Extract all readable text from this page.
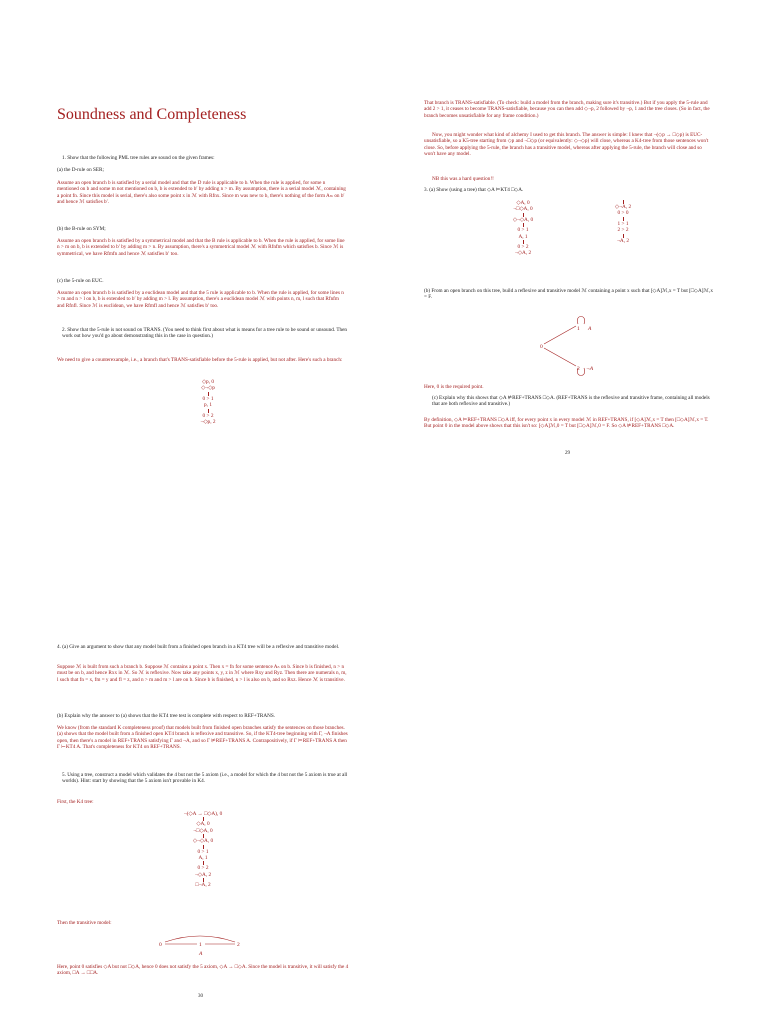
Soundness and Completeness
1. Show that the following PML tree rules are sound on the given frames:
(a) the D-rule on SER;
Assume an open branch b is satisfied by a serial model and that the D rule is applicable to b. When the rule is applied, for some n mentioned on b and some m not mentioned on b, b is extended to b′ by adding n > m. By assumption, there is a serial model ℳ, containing a point fn. Since this model is serial, there's also some point x in ℳ with Rfnx. Since m was new to b, there's nothing of the form Aₘ on b′ and hence ℳ satisfies b′.
(b) the B-rule on SYM;
Assume an open branch b is satisfied by a symmetrical model and that the B rule is applicable to b. When the rule is applied, for some line n > m on b, b is extended to b′ by adding m > n. By assumption, there's a symmetrical model ℳ with Rfnfm which satisfies b. Since ℳ is symmetrical, we have Rfmfn and hence ℳ satisfies b′ too.
(c) the 5-rule on EUC.
Assume an open branch b is satisfied by a euclidean model and that the 5 rule is applicable to b. When the rule is applied, for some lines n > m and n > l on b, b is extended to b′ by adding m > l. By assumption, there's a euclidean model ℳ with points n, m, l such that Rfnfm and Rfnfl. Since ℳ is euclidean, we have Rfmfl and hence ℳ satisfies b′ too.
2. Show that the 5-rule is not sound on TRANS. (You need to think first about what is means for a tree rule to be sound or unsound. Then work out how you'd go about demonstrating this in the case in question.)
We need to give a counterexample, i.e., a branch that's TRANS-satisfiable before the 5-rule is applied, but not after. Here's such a branch:
◇p, 0
◇¬◇p
0 > 1
p, 1
0 > 2
¬◇p, 2
That branch is TRANS-satisfiable. (To check: build a model from the branch, making sure it's transitive.) But if you apply the 5-rule and add 2 > 1, it ceases to become TRANS-satisfiable, because you can then add ◇¬p, 2 followed by ¬p, 1 and the tree closes. (So in fact, the branch becomes unsatisfiable for any frame condition.)
Now, you might wonder what kind of alchemy I used to get this branch. The answer is simple: I knew that ¬(◇p → □◇p) is EUC-unsatisfiable, so a K5-tree starting from ◇p and ¬□◇p (or equivalently: ◇¬◇p) will close, whereas a K4-tree from those sentences won't close. So, before applying the 5-rule, the branch has a transitive model, whereas after applying the 5-rule, the branch will close and so won't have any model.
NB this was a hard question!!
3. (a) Show (using a tree) that ◇A ⊨KT4 □◇A.
◇A, 0
¬□◇A, 0
◇¬◇A, 0
0 > 1
A, 1
0 > 2
¬◇A, 2
◇¬A, 2
0 > 0
1 > 1
2 > 2
¬A, 2
(b) From an open branch on this tree, build a reflexive and transitive model ℳ containing a point x such that [◇A]ℳ,x = T but [□◇A]ℳ,x = F.
0
1 A
2 ¬A
Here, 0 is the required point.
(c) Explain why this shows that ◇A ⊭REF+TRANS □◇A. (REF+TRANS is the reflexive and transitive frame, containing all models that are both reflexive and transitive.)
By definition, ◇A ⊨REF+TRANS □◇A iff, for every point x in every model ℳ in REF+TRANS, if [◇A]ℳ,x = T then [□◇A]ℳ,x = T. But point 0 in the model above shows that this isn't so: [◇A]ℳ,0 = T but [□◇A]ℳ,0 = F. So ◇A ⊭REF+TRANS □◇A.
29
4. (a) Give an argument to show that any model built from a finished open branch in a KT4 tree will be a reflexive and transitive model.
Suppose ℳ is built from such a branch b. Suppose ℳ contains a point x. Then x = fn for some sentence Aₙ on b. Since b is finished, n > n must be on b, and hence Rxx in ℳ. So ℳ is reflexive. Now take any points x, y, z in ℳ where Rxy and Ryz. Then there are numerals n, m, l such that fn = x, fm = y and fl = z, and n > m and m > l are on b. Since b is finished, n > l is also on b, and so Rxz. Hence ℳ is transitive.
(b) Explain why the answer to (a) shows that the KT4 tree test is complete with respect to REF+TRANS.
We know (from the standard K completeness proof) that models built from finished open branches satisfy the sentences on those branches. (a) shows that the model built from a finished open KT4 branch is reflexive and transitive. So, if the KT4-tree beginning with Γ, ¬A finishes open, then there's a model in REF+TRANS satisfying Γ and ¬A, and so Γ ⊭REF+TRANS A. Contrapositively, if Γ ⊨REF+TRANS A then Γ ⊢KT4 A. That's completeness for KT4 on REF+TRANS.
5. Using a tree, construct a model which validates the 4 but not the 5 axiom (i.e., a model for which the 4 but not the 5 axiom is true at all worlds). Hint: start by showing that the 5 axiom isn't provable in K4.
First, the K4 tree:
¬(◇A → □◇A), 0
◇A, 0
¬□◇A, 0
◇¬◇A, 0
0 > 1
A, 1
0 > 2
¬◇A, 2
□¬A, 2
Then the transitive model:
0	1
A
2
Here, point 0 satisfies ◇A but not □◇A, hence 0 does not satisfy the 5 axiom, ◇A → □◇A. Since the model is transitive, it will satisfy the 4 axiom, □A → □□A.
30
